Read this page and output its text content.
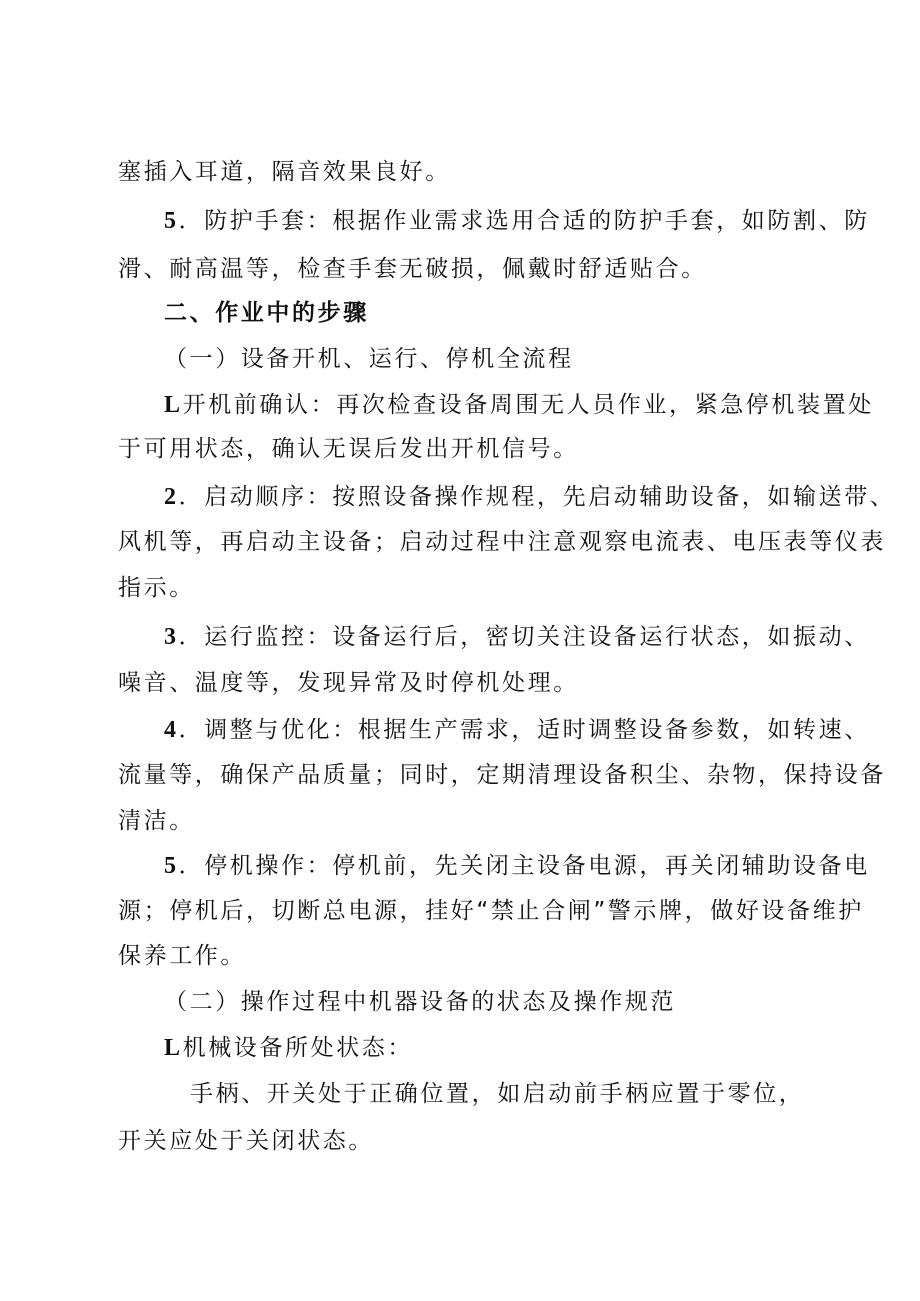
塞插入耳道，隔音效果良好。
5．防护手套：根据作业需求选用合适的防护手套，如防割、防
滑、耐高温等，检查手套无破损，佩戴时舒适贴合。
二、作业中的步骤
（一）设备开机、运行、停机全流程
L开机前确认：再次检查设备周围无人员作业，紧急停机装置处
于可用状态，确认无误后发出开机信号。
2．启动顺序：按照设备操作规程，先启动辅助设备，如输送带、
风机等，再启动主设备；启动过程中注意观察电流表、电压表等仪表
指示。
3．运行监控：设备运行后，密切关注设备运行状态，如振动、
噪音、温度等，发现异常及时停机处理。
4．调整与优化：根据生产需求，适时调整设备参数，如转速、
流量等，确保产品质量；同时，定期清理设备积尘、杂物，保持设备
清洁。
5．停机操作：停机前，先关闭主设备电源，再关闭辅助设备电
源；停机后，切断总电源，挂好“禁止合闸”警示牌，做好设备维护
保养工作。
（二）操作过程中机器设备的状态及操作规范
L机械设备所处状态：
手柄、开关处于正确位置，如启动前手柄应置于零位，
开关应处于关闭状态。
